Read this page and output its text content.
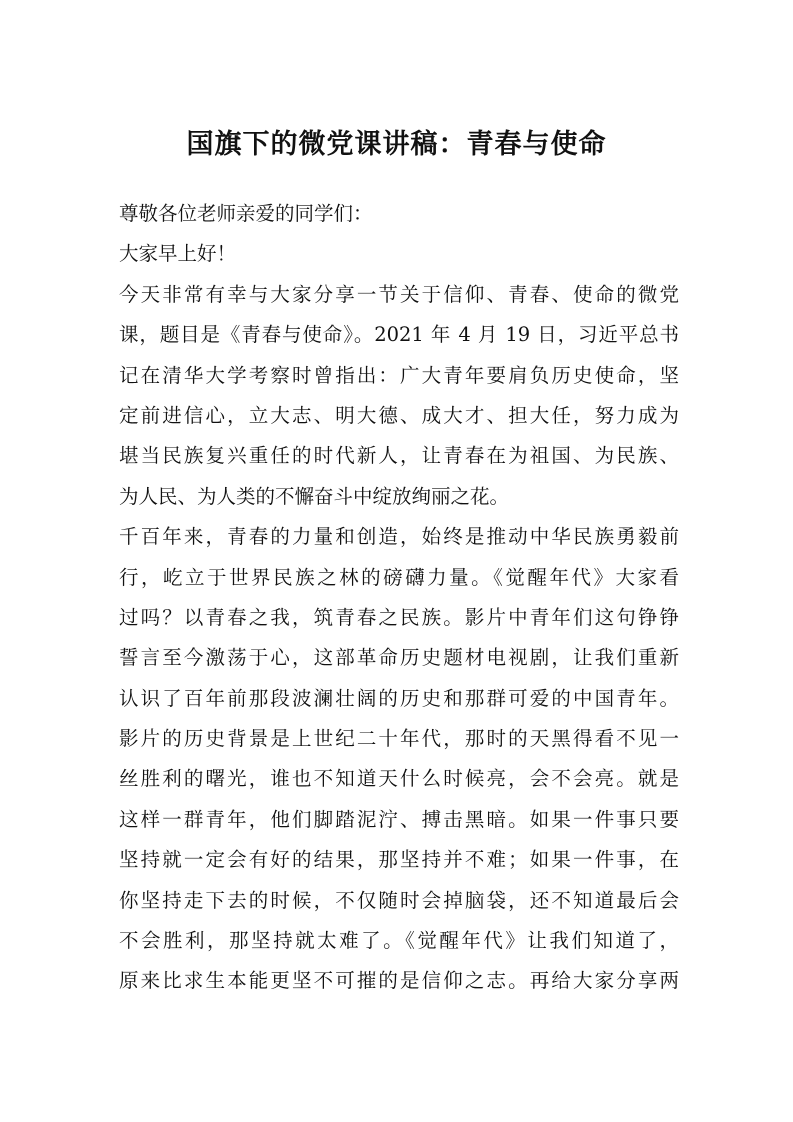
国旗下的微党课讲稿：青春与使命
尊敬各位老师亲爱的同学们：
大家早上好！
今天非常有幸与大家分享一节关于信仰、青春、使命的微党
课，题目是《青春与使命》。2021 年 4 月 19 日，习近平总书
记在清华大学考察时曾指出：广大青年要肩负历史使命，坚
定前进信心，立大志、明大德、成大才、担大任，努力成为
堪当民族复兴重任的时代新人，让青春在为祖国、为民族、
为人民、为人类的不懈奋斗中绽放绚丽之花。
千百年来，青春的力量和创造，始终是推动中华民族勇毅前
行，屹立于世界民族之林的磅礴力量。《觉醒年代》大家看
过吗？以青春之我，筑青春之民族。影片中青年们这句铮铮
誓言至今激荡于心，这部革命历史题材电视剧，让我们重新
认识了百年前那段波澜壮阔的历史和那群可爱的中国青年。
影片的历史背景是上世纪二十年代，那时的天黑得看不见一
丝胜利的曙光，谁也不知道天什么时候亮，会不会亮。就是
这样一群青年，他们脚踏泥泞、搏击黑暗。如果一件事只要
坚持就一定会有好的结果，那坚持并不难；如果一件事，在
你坚持走下去的时候，不仅随时会掉脑袋，还不知道最后会
不会胜利，那坚持就太难了。《觉醒年代》让我们知道了，
原来比求生本能更坚不可摧的是信仰之志。再给大家分享两
